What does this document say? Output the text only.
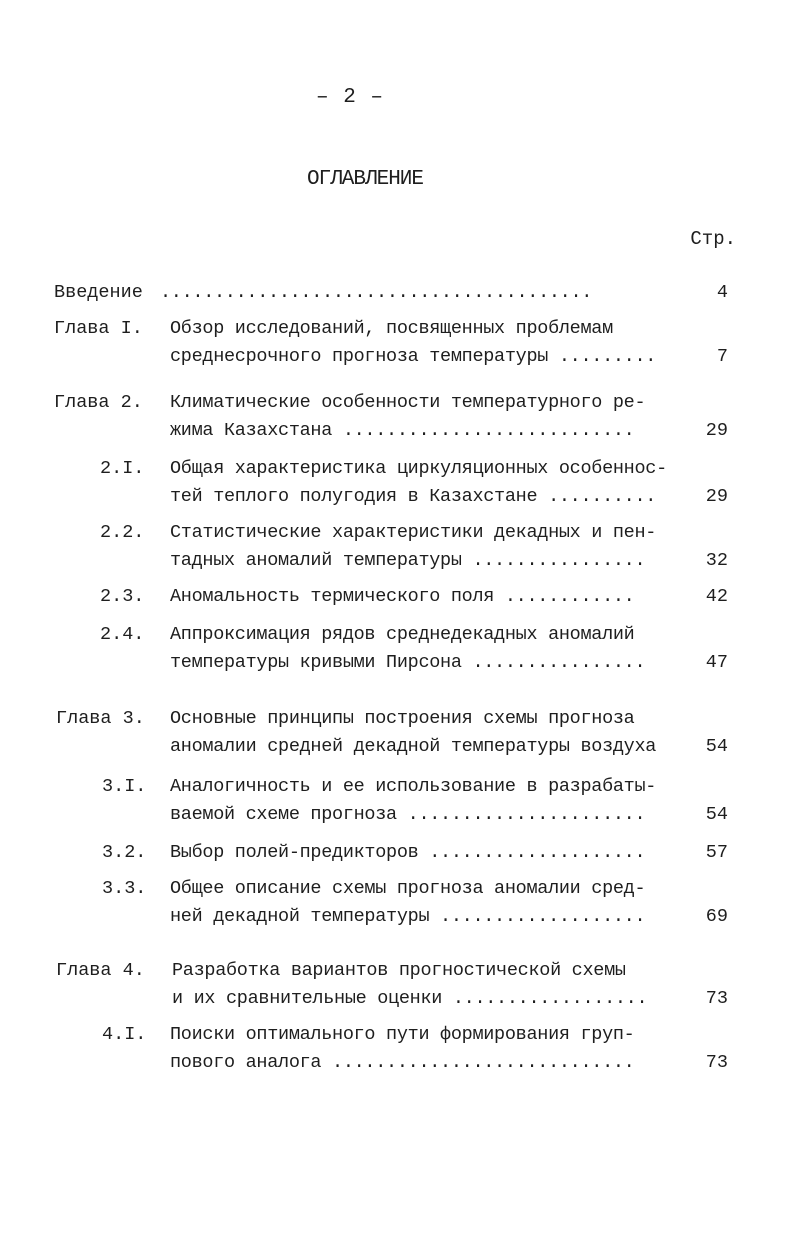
– 2 –
ОГЛАВЛЕНИЕ
Стр.
Введение ........................................	4
Глава I. Обзор исследований, посвященных проблемам
среднесрочного прогноза температуры .........	7
Глава 2. Климатические особенности температурного ре-
жима Казахстана ...........................	29
2.I. Общая характеристика циркуляционных особеннос-
тей теплого полугодия в Казахстане ..........	29
2.2. Статистические характеристики декадных и пен-
тадных аномалий температуры ................	32
2.3. Аномальность термического поля ............	42
2.4. Аппроксимация рядов среднедекадных аномалий
температуры кривыми Пирсона ................	47
Глава 3. Основные принципы построения схемы прогноза
аномалии средней декадной температуры воздуха	54
3.I. Аналогичность и ее использование в разрабаты-
ваемой схеме прогноза ......................	54
3.2. Выбор полей-предикторов ....................	57
3.3. Общее описание схемы прогноза аномалии сред-
ней декадной температуры ...................	69
Глава 4. Разработка вариантов прогностической схемы
и их сравнительные оценки ..................	73
4.I. Поиски оптимального пути формирования груп-
пового аналога ............................	73
